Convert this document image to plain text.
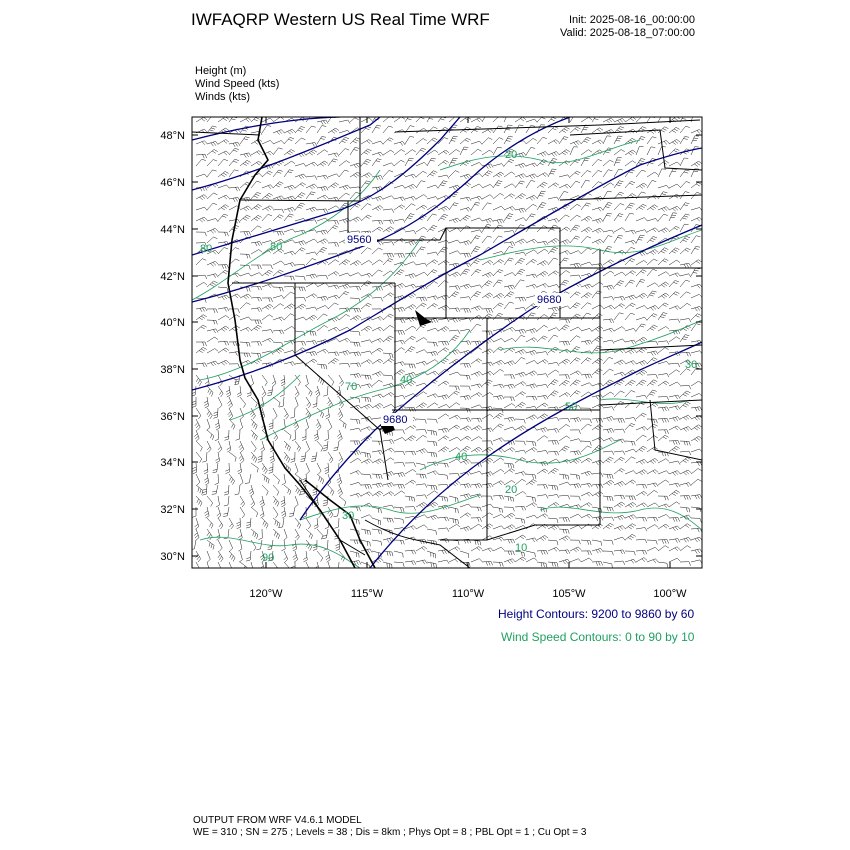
IWFAQRP Western US Real Time WRF	Init: 2025-08-16_00:00:00
Valid: 2025-08-18_07:00:00
Height (m)
Wind Speed (kts)
Winds (kts)
48°N
46°N
44°N
42°N
40°N
38°N
36°N
34°N
32°N
30°N
120°W	115°W	110°W	105°W	100°W
9560
9680
9680
80	80
20
40
70
40
20
30
50
30
90
10
Height Contours: 9200 to 9860 by 60
Wind Speed Contours: 0 to 90 by 10
OUTPUT FROM WRF V4.6.1 MODEL
WE = 310 ; SN = 275 ; Levels = 38 ; Dis = 8km ; Phys Opt = 8 ; PBL Opt = 1 ; Cu Opt = 3
